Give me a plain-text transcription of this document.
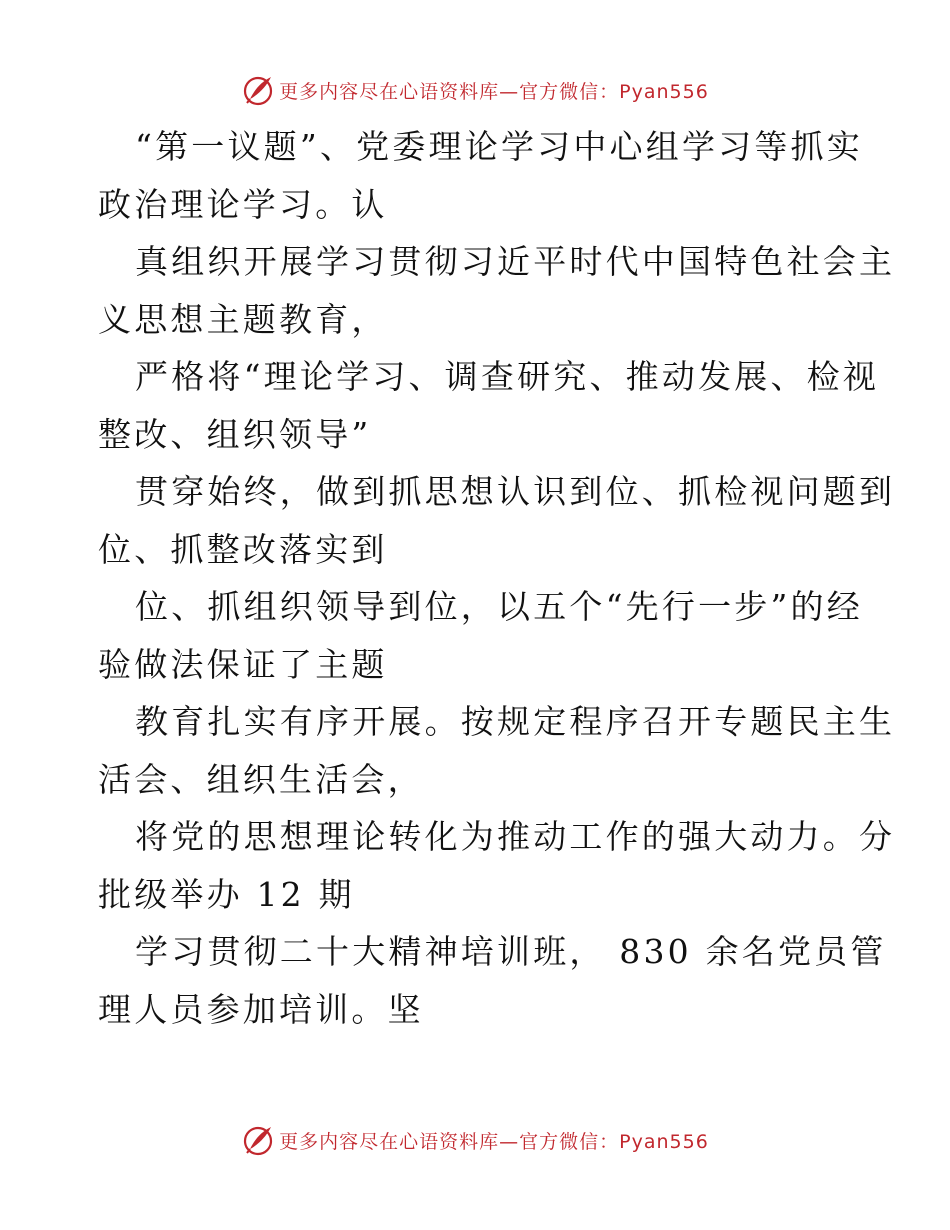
更多内容尽在心语资料库—官方微信：Pyan556
“第一议题”、党委理论学习中心组学习等抓实
政治理论学习。认
真组织开展学习贯彻习近平时代中国特色社会主
义思想主题教育，
严格将“理论学习、调查研究、推动发展、检视
整改、组织领导”
贯穿始终，做到抓思想认识到位、抓检视问题到
位、抓整改落实到
位、抓组织领导到位，以五个“先行一步”的经
验做法保证了主题
教育扎实有序开展。按规定程序召开专题民主生
活会、组织生活会，
将党的思想理论转化为推动工作的强大动力。分
批级举办 12 期
学习贯彻二十大精神培训班， 830 余名党员管
理人员参加培训。坚
更多内容尽在心语资料库—官方微信：Pyan556
